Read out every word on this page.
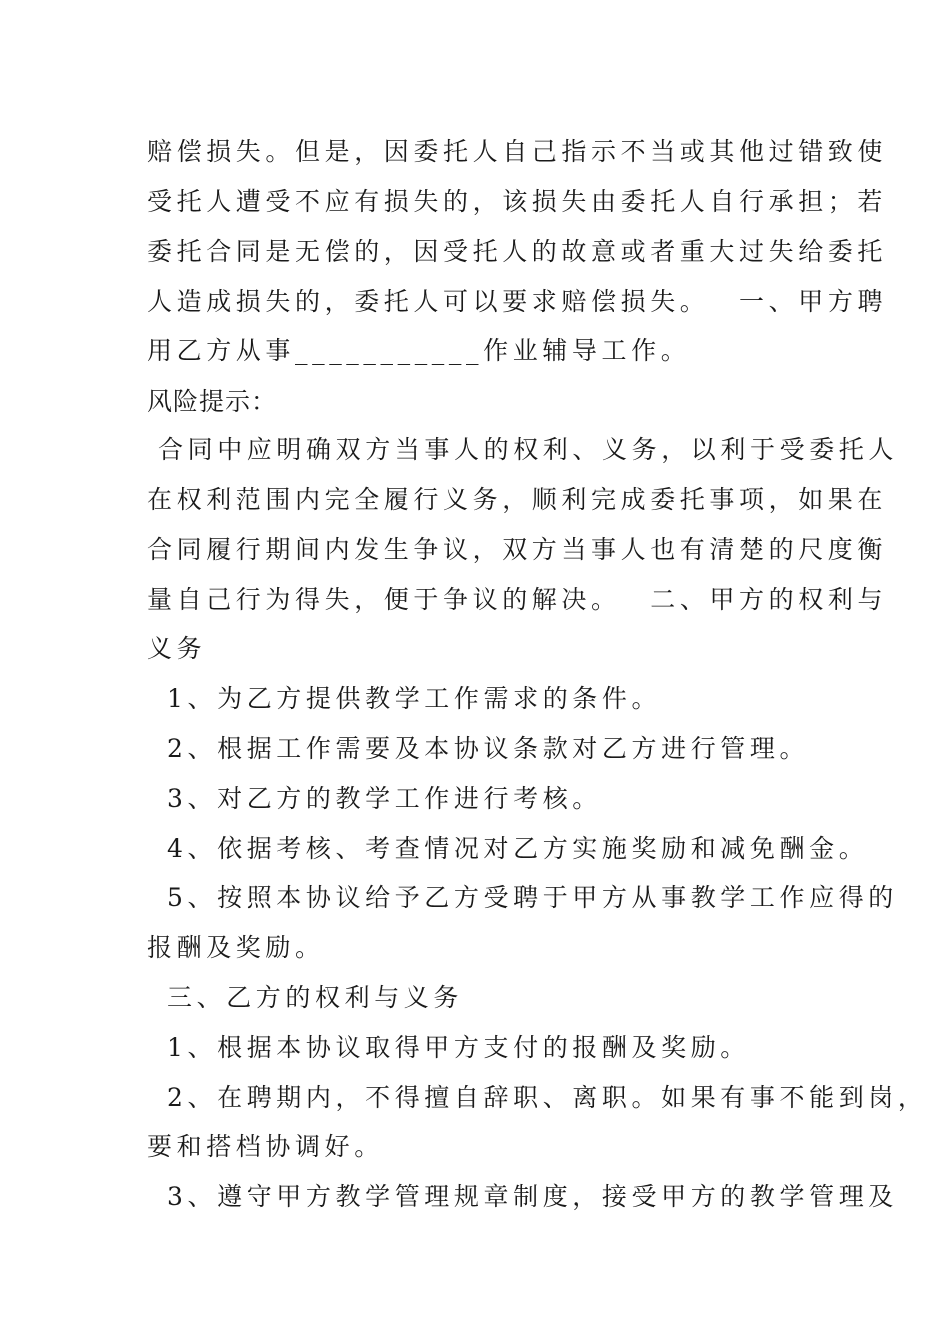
赔偿损失。但是，因委托人自己指示不当或其他过错致使
受托人遭受不应有损失的，该损失由委托人自行承担；若
委托合同是无偿的，因受托人的故意或者重大过失给委托
人造成损失的，委托人可以要求赔偿损失。　 一、甲方聘
用乙方从事___________作业辅导工作。
风险提示：
合同中应明确双方当事人的权利、义务，以利于受委托人
在权利范围内完全履行义务，顺利完成委托事项，如果在
合同履行期间内发生争议，双方当事人也有清楚的尺度衡
量自己行为得失，便于争议的解决。　 二、甲方的权利与
义务
1、为乙方提供教学工作需求的条件。
2、根据工作需要及本协议条款对乙方进行管理。
3、对乙方的教学工作进行考核。
4、依据考核、考查情况对乙方实施奖励和减免酬金。
5、按照本协议给予乙方受聘于甲方从事教学工作应得的
报酬及奖励。
三、乙方的权利与义务
1、根据本协议取得甲方支付的报酬及奖励。
2、在聘期内，不得擅自辞职、离职。如果有事不能到岗，
要和搭档协调好。
3、遵守甲方教学管理规章制度，接受甲方的教学管理及
